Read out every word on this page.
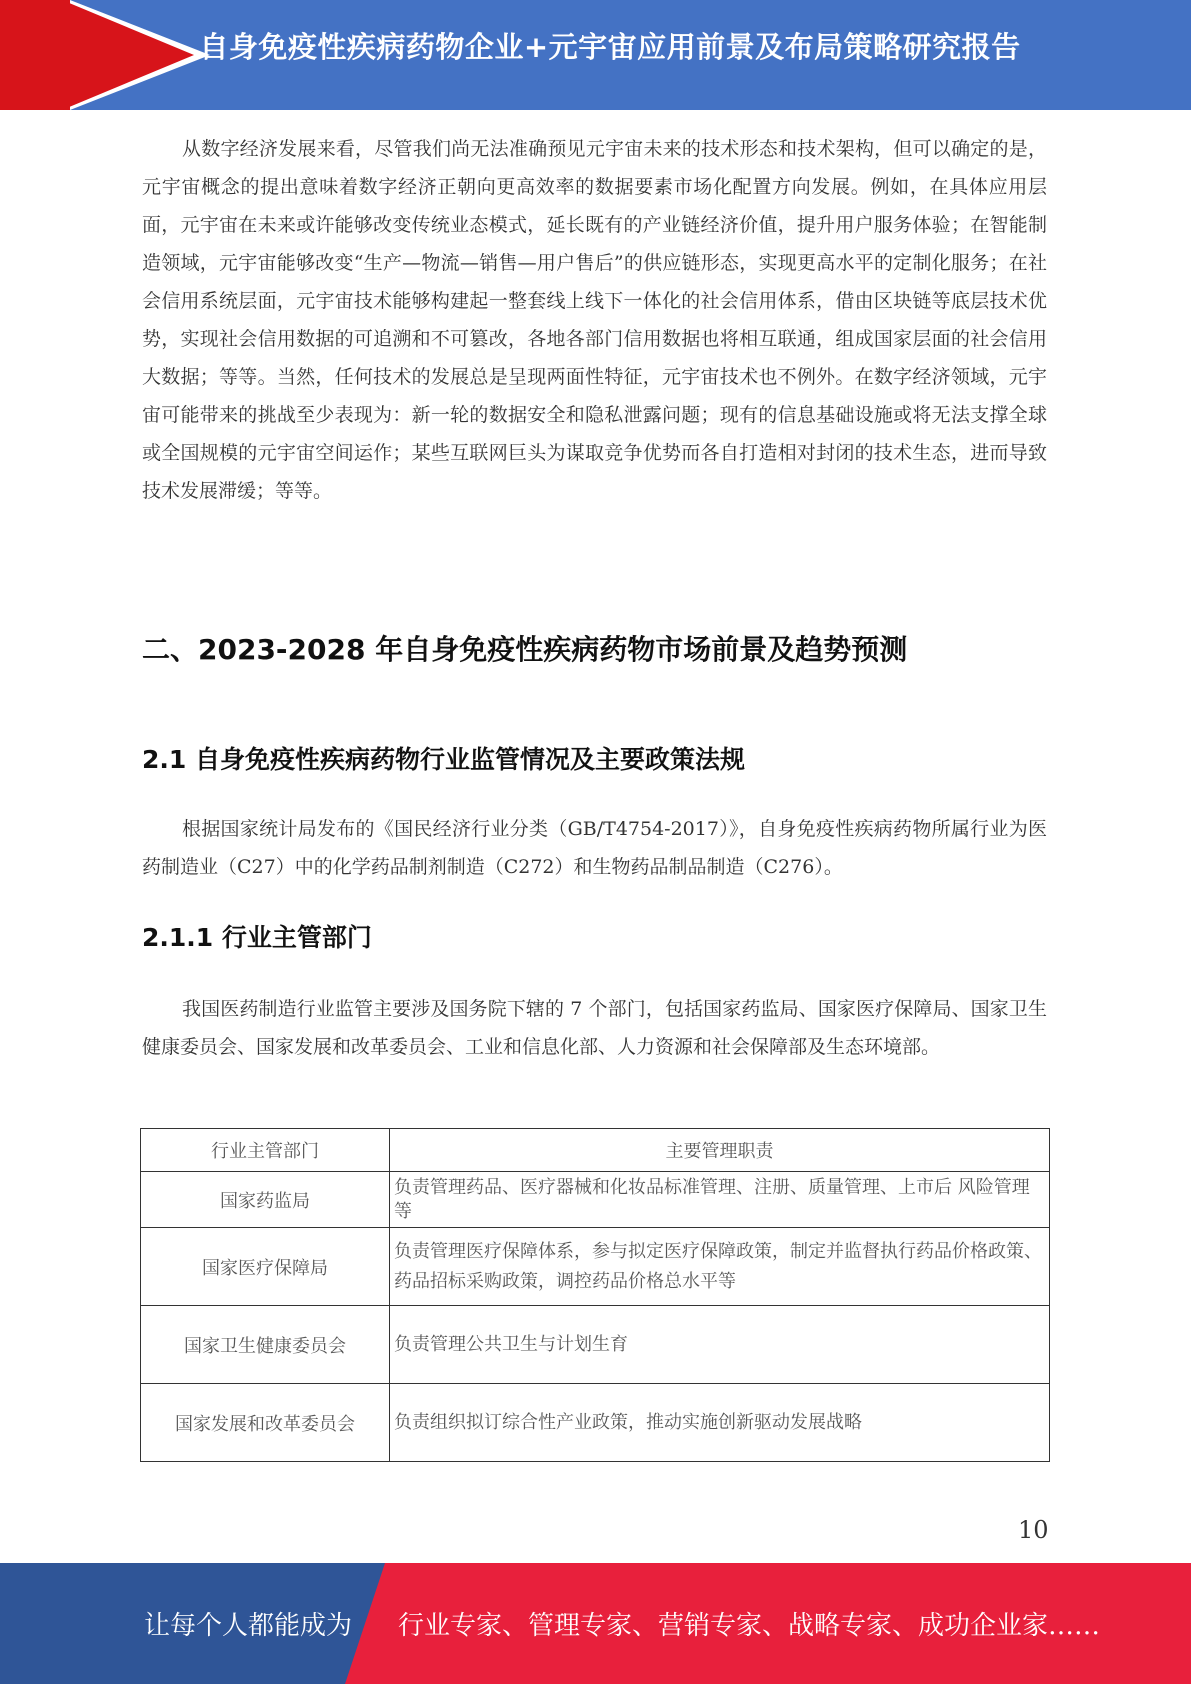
自身免疫性疾病药物企业+元宇宙应用前景及布局策略研究报告

从数字经济发展来看，尽管我们尚无法准确预见元宇宙未来的技术形态和技术架构，但可以确定的是，元宇宙概念的提出意味着数字经济正朝向更高效率的数据要素市场化配置方向发展。例如，在具体应用层面，元宇宙在未来或许能够改变传统业态模式，延长既有的产业链经济价值，提升用户服务体验；在智能制造领域，元宇宙能够改变“生产—物流—销售—用户售后”的供应链形态，实现更高水平的定制化服务；在社会信用系统层面，元宇宙技术能够构建起一整套线上线下一体化的社会信用体系，借由区块链等底层技术优势，实现社会信用数据的可追溯和不可篡改，各地各部门信用数据也将相互联通，组成国家层面的社会信用大数据；等等。当然，任何技术的发展总是呈现两面性特征，元宇宙技术也不例外。在数字经济领域，元宇宙可能带来的挑战至少表现为：新一轮的数据安全和隐私泄露问题；现有的信息基础设施或将无法支撑全球或全国规模的元宇宙空间运作；某些互联网巨头为谋取竞争优势而各自打造相对封闭的技术生态，进而导致技术发展滞缓；等等。

二、2023-2028 年自身免疫性疾病药物市场前景及趋势预测
2.1 自身免疫性疾病药物行业监管情况及主要政策法规

根据国家统计局发布的《国民经济行业分类（GB/T4754-2017）》，自身免疫性疾病药物所属行业为医药制造业（C27）中的化学药品制剂制造（C272）和生物药品制品制造（C276）。

2.1.1 行业主管部门

我国医药制造行业监管主要涉及国务院下辖的 7 个部门，包括国家药监局、国家医疗保障局、国家卫生健康委员会、国家发展和改革委员会、工业和信息化部、人力资源和社会保障部及生态环境部。

行业主管部门	主要管理职责
国家药监局	负责管理药品、医疗器械和化妆品标准管理、注册、质量管理、上市后 风险管理等
国家医疗保障局	负责管理医疗保障体系，参与拟定医疗保障政策，制定并监督执行药品价格政策、药品招标采购政策，调控药品价格总水平等
国家卫生健康委员会	负责管理公共卫生与计划生育
国家发展和改革委员会	负责组织拟订综合性产业政策，推动实施创新驱动发展战略
10
让每个人都能成为 行业专家、管理专家、营销专家、战略专家、成功企业家……
